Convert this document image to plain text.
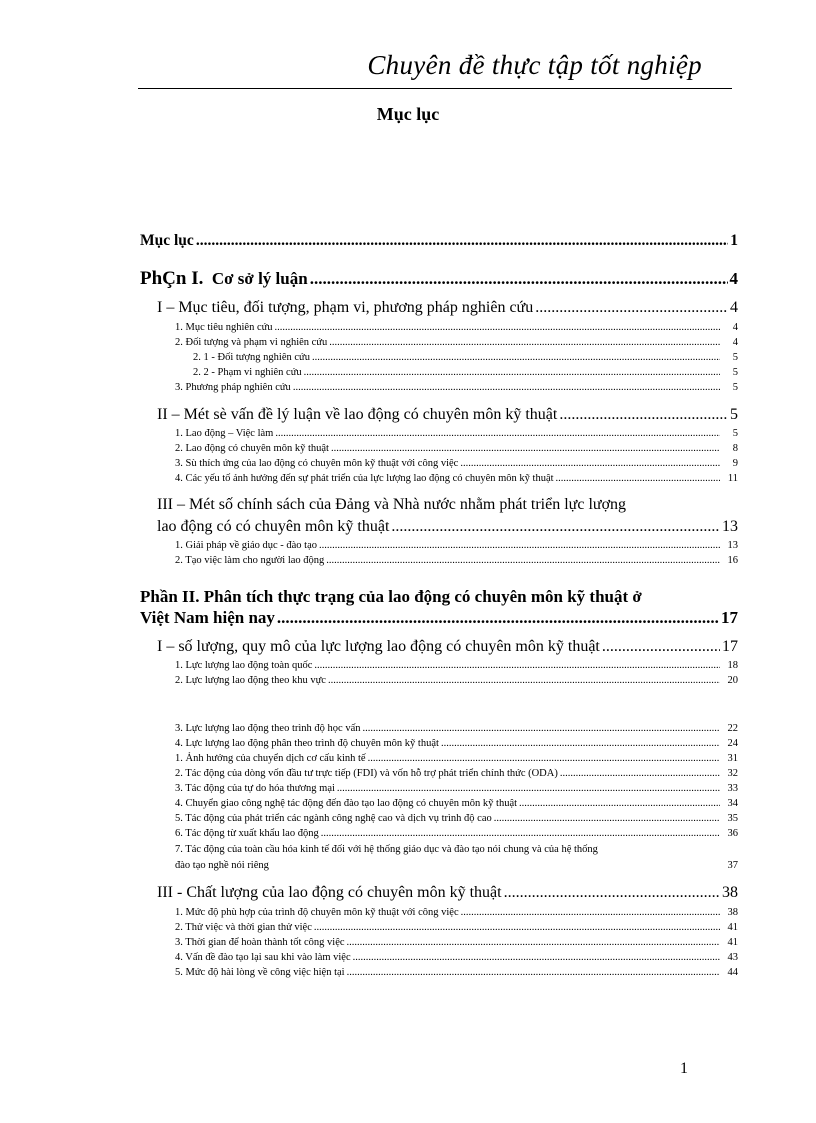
Chuyên đề thực tập tốt nghiệp
Mục lục
Mục lục .....	1
PhÇn I. Cơ sở lý luận .....	4
I – Mục tiêu, đối tượng, phạm vi, phương pháp nghiên cứu .....	4
1. Mục tiêu nghiên cứu .....	4
2. Đối tượng và phạm vi nghiên cứu .....	4
2. 1 - Đối tượng nghiên cứu .....	5
2. 2 - Phạm vi nghiên cứu .....	5
3. Phương pháp nghiên cứu .....	5
II – Mét sè vấn đề lý luận về lao động có chuyên môn kỹ thuật .....	5
1. Lao động – Việc làm .....	5
2. Lao động có chuyên môn kỹ thuật .....	8
3. Sù thích ứng của lao động có chuyên môn kỹ thuật với công việc .....	9
4. Các yếu tố ảnh hưởng đến sự phát triển của lực lượng lao động có chuyên môn kỹ thuật .....	11
III – Mét số chính sách của Đảng và Nhà nước nhằm phát triển lực lượng
lao động có có chuyên môn kỹ thuật .....	13
1. Giải pháp về giáo dục - đào tạo .....	13
2. Tạo việc làm cho người lao động .....	16
Phần II. Phân tích thực trạng của lao động có chuyên môn kỹ thuật ở
Việt Nam hiện nay .....	17
I – số lượng, quy mô của lực lượng lao động có chuyên môn kỹ thuật .....	17
1. Lực lượng lao động toàn quốc .....	18
2. Lực lượng lao động theo khu vực .....	20
3. Lực lượng lao động theo trình độ học vấn .....	22
4. Lực lượng lao động phân theo trình độ chuyên môn kỹ thuật .....	24
1. Ảnh hưởng của chuyển dịch cơ cấu kinh tế .....	31
2. Tác động của dòng vốn đầu tư trực tiếp (FDI) và vốn hỗ trợ phát triển chính thức (ODA) .....	32
3. Tác động của tự do hóa thương mại .....	33
4. Chuyển giao công nghệ tác động đến đào tạo lao động có chuyên môn kỹ thuật .....	34
5. Tác động của phát triển các ngành công nghệ cao và dịch vụ trình độ cao .....	35
6. Tác động từ xuất khẩu lao động .....	36
7. Tác động của toàn cầu hóa kinh tế đối với hệ thống giáo dục và đào tạo nói chung và của hệ thống
đào tạo nghề nói riêng	37
III - Chất lượng của lao động có chuyên môn kỹ thuật .....	38
1. Mức độ phù hợp của trình độ chuyên môn kỹ thuật với công việc .....	38
2. Thử việc và thời gian thử việc .....	41
3. Thời gian để hoàn thành tốt công việc .....	41
4. Vấn đề đào tạo lại sau khi vào làm việc .....	43
5. Mức độ hài lòng về công việc hiện tại .....	44
1
